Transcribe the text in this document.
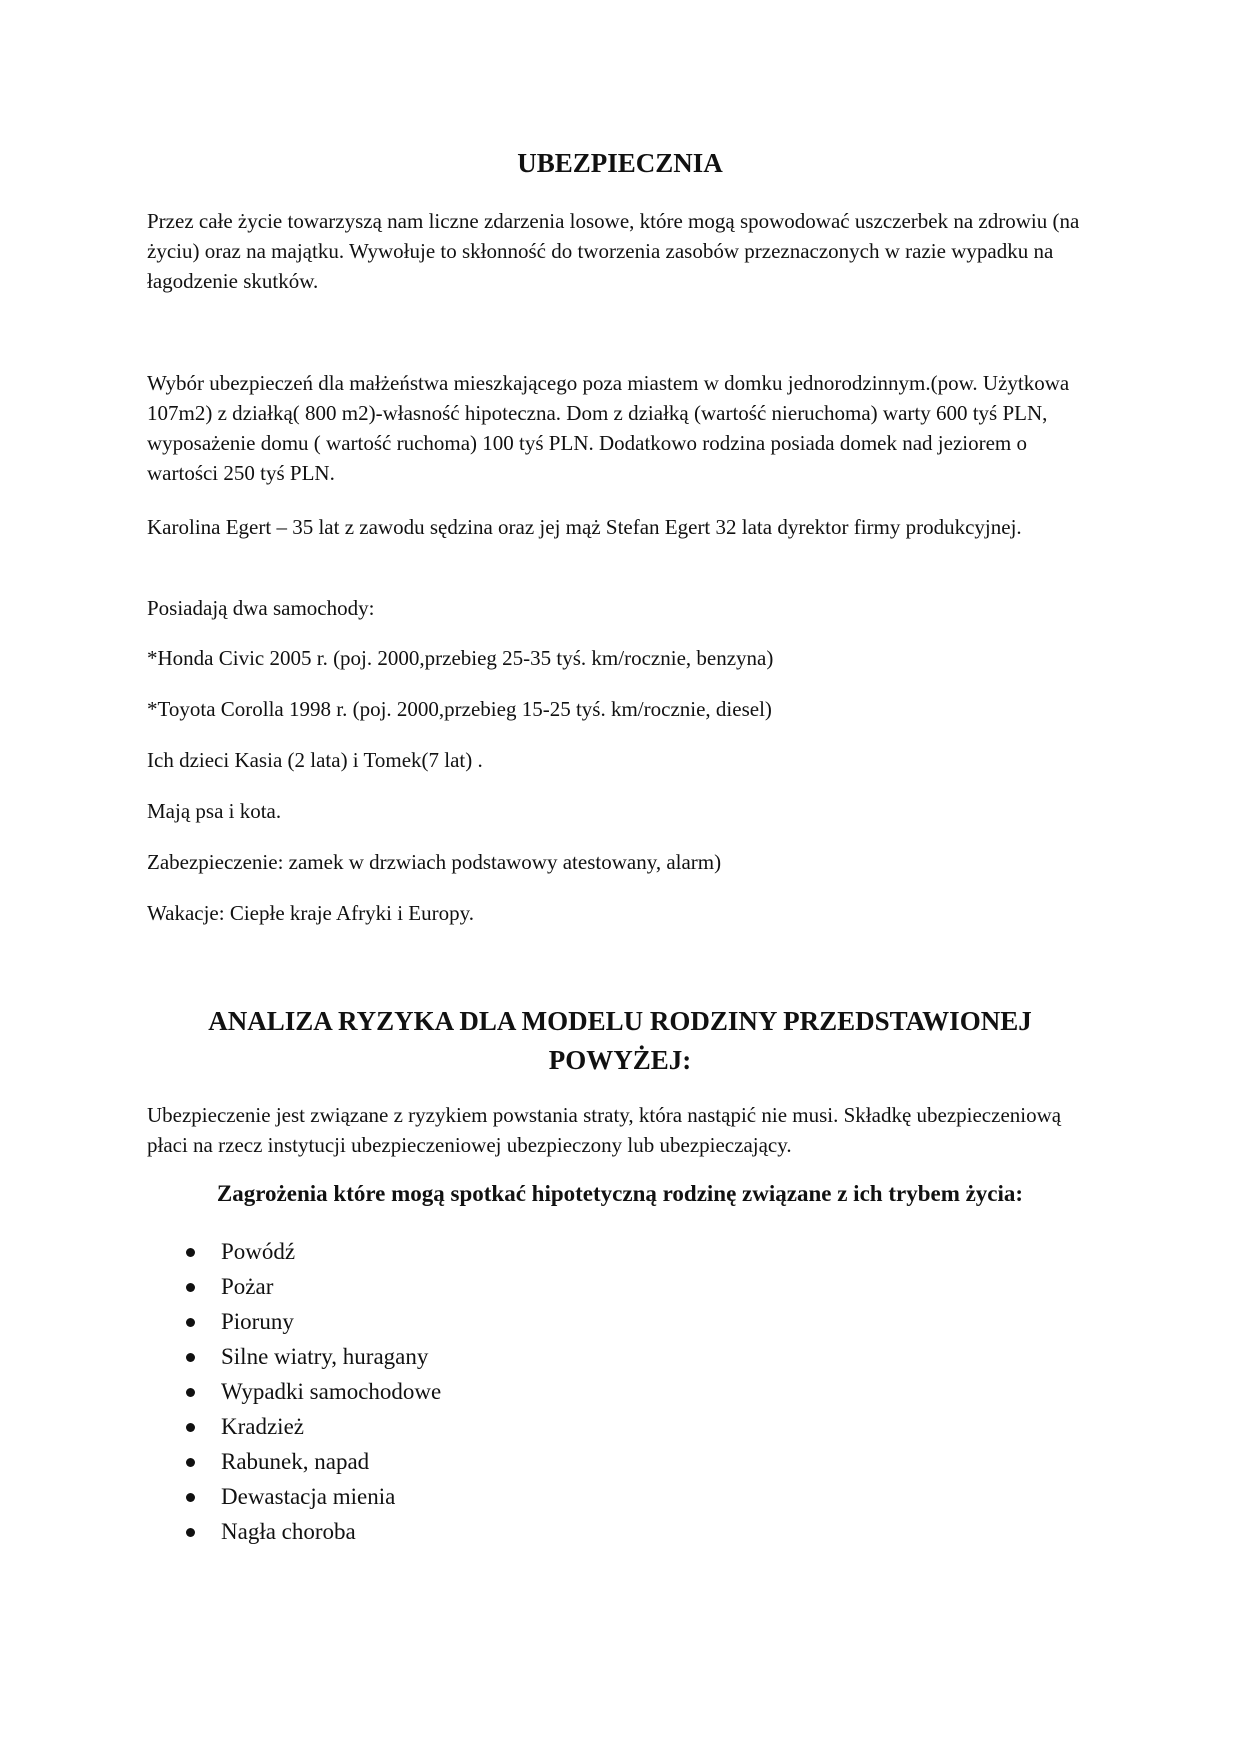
UBEZPIECZNIA

Przez całe życie towarzyszą nam liczne zdarzenia losowe, które mogą spowodować uszczerbek na zdrowiu (na życiu) oraz na majątku. Wywołuje to skłonność do tworzenia zasobów przeznaczonych w razie wypadku na łagodzenie skutków.

Wybór ubezpieczeń dla małżeństwa mieszkającego poza miastem w domku jednorodzinnym.(pow. Użytkowa 107m2) z działką( 800 m2)-własność hipoteczna. Dom z działką (wartość nieruchoma) warty 600 tyś PLN, wyposażenie domu ( wartość ruchoma) 100 tyś PLN. Dodatkowo rodzina posiada domek nad jeziorem o wartości 250 tyś PLN.

Karolina Egert – 35 lat z zawodu sędzina oraz jej mąż Stefan Egert 32 lata dyrektor firmy produkcyjnej.

Posiadają dwa samochody:

*Honda Civic 2005 r. (poj. 2000,przebieg 25-35 tyś. km/rocznie, benzyna)

*Toyota Corolla 1998 r. (poj. 2000,przebieg 15-25 tyś. km/rocznie, diesel)

Ich dzieci Kasia (2 lata) i Tomek(7 lat) .

Mają psa i kota.

Zabezpieczenie: zamek w drzwiach podstawowy atestowany, alarm)

Wakacje: Ciepłe kraje Afryki i Europy.

ANALIZA RYZYKA DLA MODELU RODZINY PRZEDSTAWIONEJ
POWYŻEJ:

Ubezpieczenie jest związane z ryzykiem powstania straty, która nastąpić nie musi. Składkę ubezpieczeniową płaci na rzecz instytucji ubezpieczeniowej ubezpieczony lub ubezpieczający.

Zagrożenia które mogą spotkać hipotetyczną rodzinę związane z ich trybem życia:
Powódź
Pożar
Pioruny
Silne wiatry, huragany
Wypadki samochodowe
Kradzież
Rabunek, napad
Dewastacja mienia
Nagła choroba
